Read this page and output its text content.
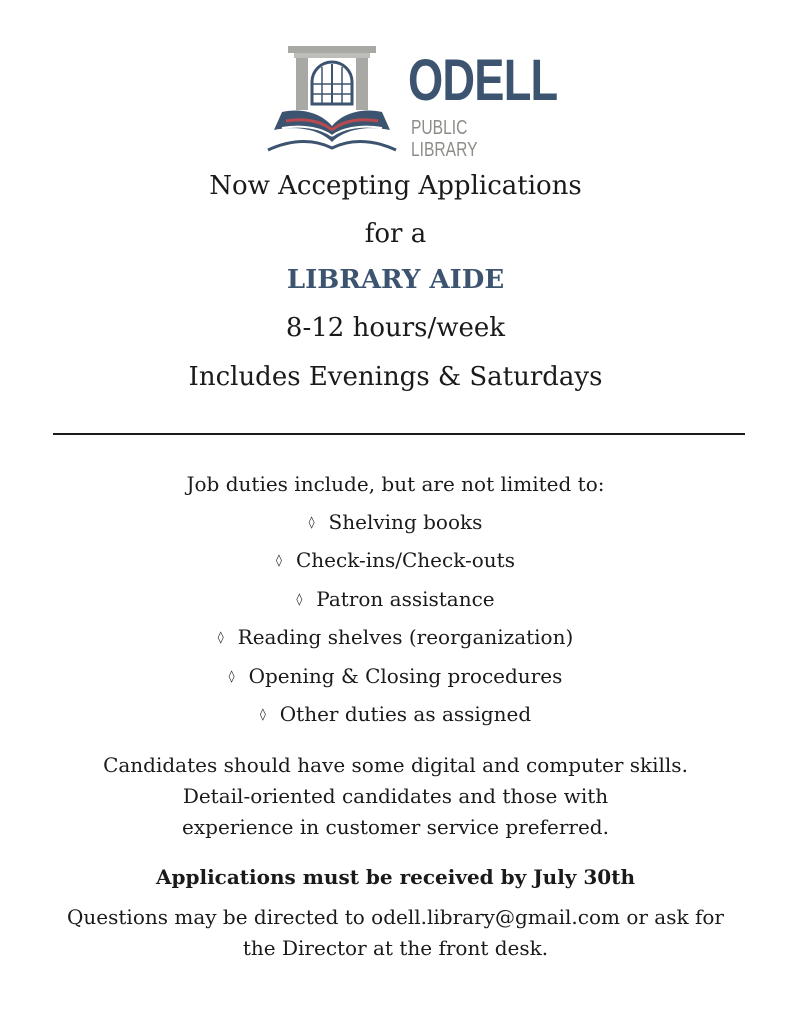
ODELL
PUBLIC LIBRARY
Now Accepting Applications
for a
LIBRARY AIDE
8-12 hours/week
Includes Evenings & Saturdays
Job duties include, but are not limited to:
◊ Shelving books
◊ Check-ins/Check-outs
◊ Patron assistance
◊ Reading shelves (reorganization)
◊ Opening & Closing procedures
◊ Other duties as assigned
Candidates should have some digital and computer skills.
Detail-oriented candidates and those with
experience in customer service preferred.
Applications must be received by July 30th
Questions may be directed to odell.library@gmail.com or ask for
the Director at the front desk.
